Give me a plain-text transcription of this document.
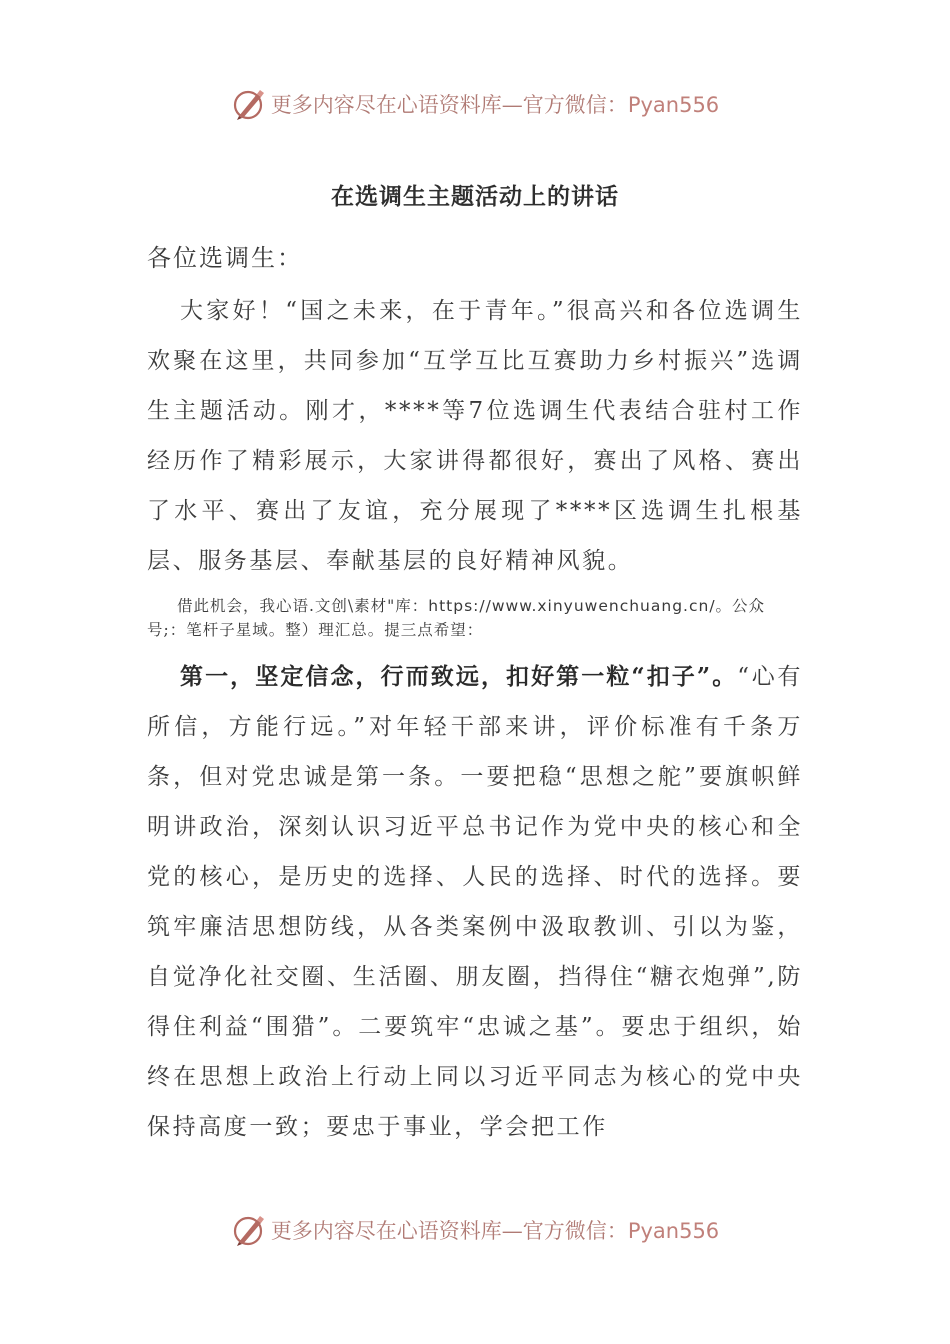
更多内容尽在心语资料库—官方微信：Pyan556
在选调生主题活动上的讲话

各位选调生：

大家好！“国之未来，在于青年。”很高兴和各位选调生欢聚在这里，共同参加“互学互比互赛助力乡村振兴”选调生主题活动。刚才，****等7位选调生代表结合驻村工作经历作了精彩展示，大家讲得都很好，赛出了风格、赛出了水平、赛出了友谊，充分展现了****区选调生扎根基层、服务基层、奉献基层的良好精神风貌。

借此机会，我心语.文创\素材"库：https://www.xinyuwenchuang.cn/。公众号;：笔杆子星域。整）理汇总。提三点希望：

第一，坚定信念，行而致远，扣好第一粒“扣子”。“心有所信，方能行远。”对年轻干部来讲，评价标准有千条万条，但对党忠诚是第一条。一要把稳“思想之舵”要旗帜鲜明讲政治，深刻认识习近平总书记作为党中央的核心和全党的核心，是历史的选择、人民的选择、时代的选择。要筑牢廉洁思想防线，从各类案例中汲取教训、引以为鉴，自觉净化社交圈、生活圈、朋友圈，挡得住“糖衣炮弹”,防得住利益“围猎”。二要筑牢“忠诚之基”。要忠于组织，始终在思想上政治上行动上同以习近平同志为核心的党中央保持高度一致；要忠于事业，学会把工作

更多内容尽在心语资料库—官方微信：Pyan556
